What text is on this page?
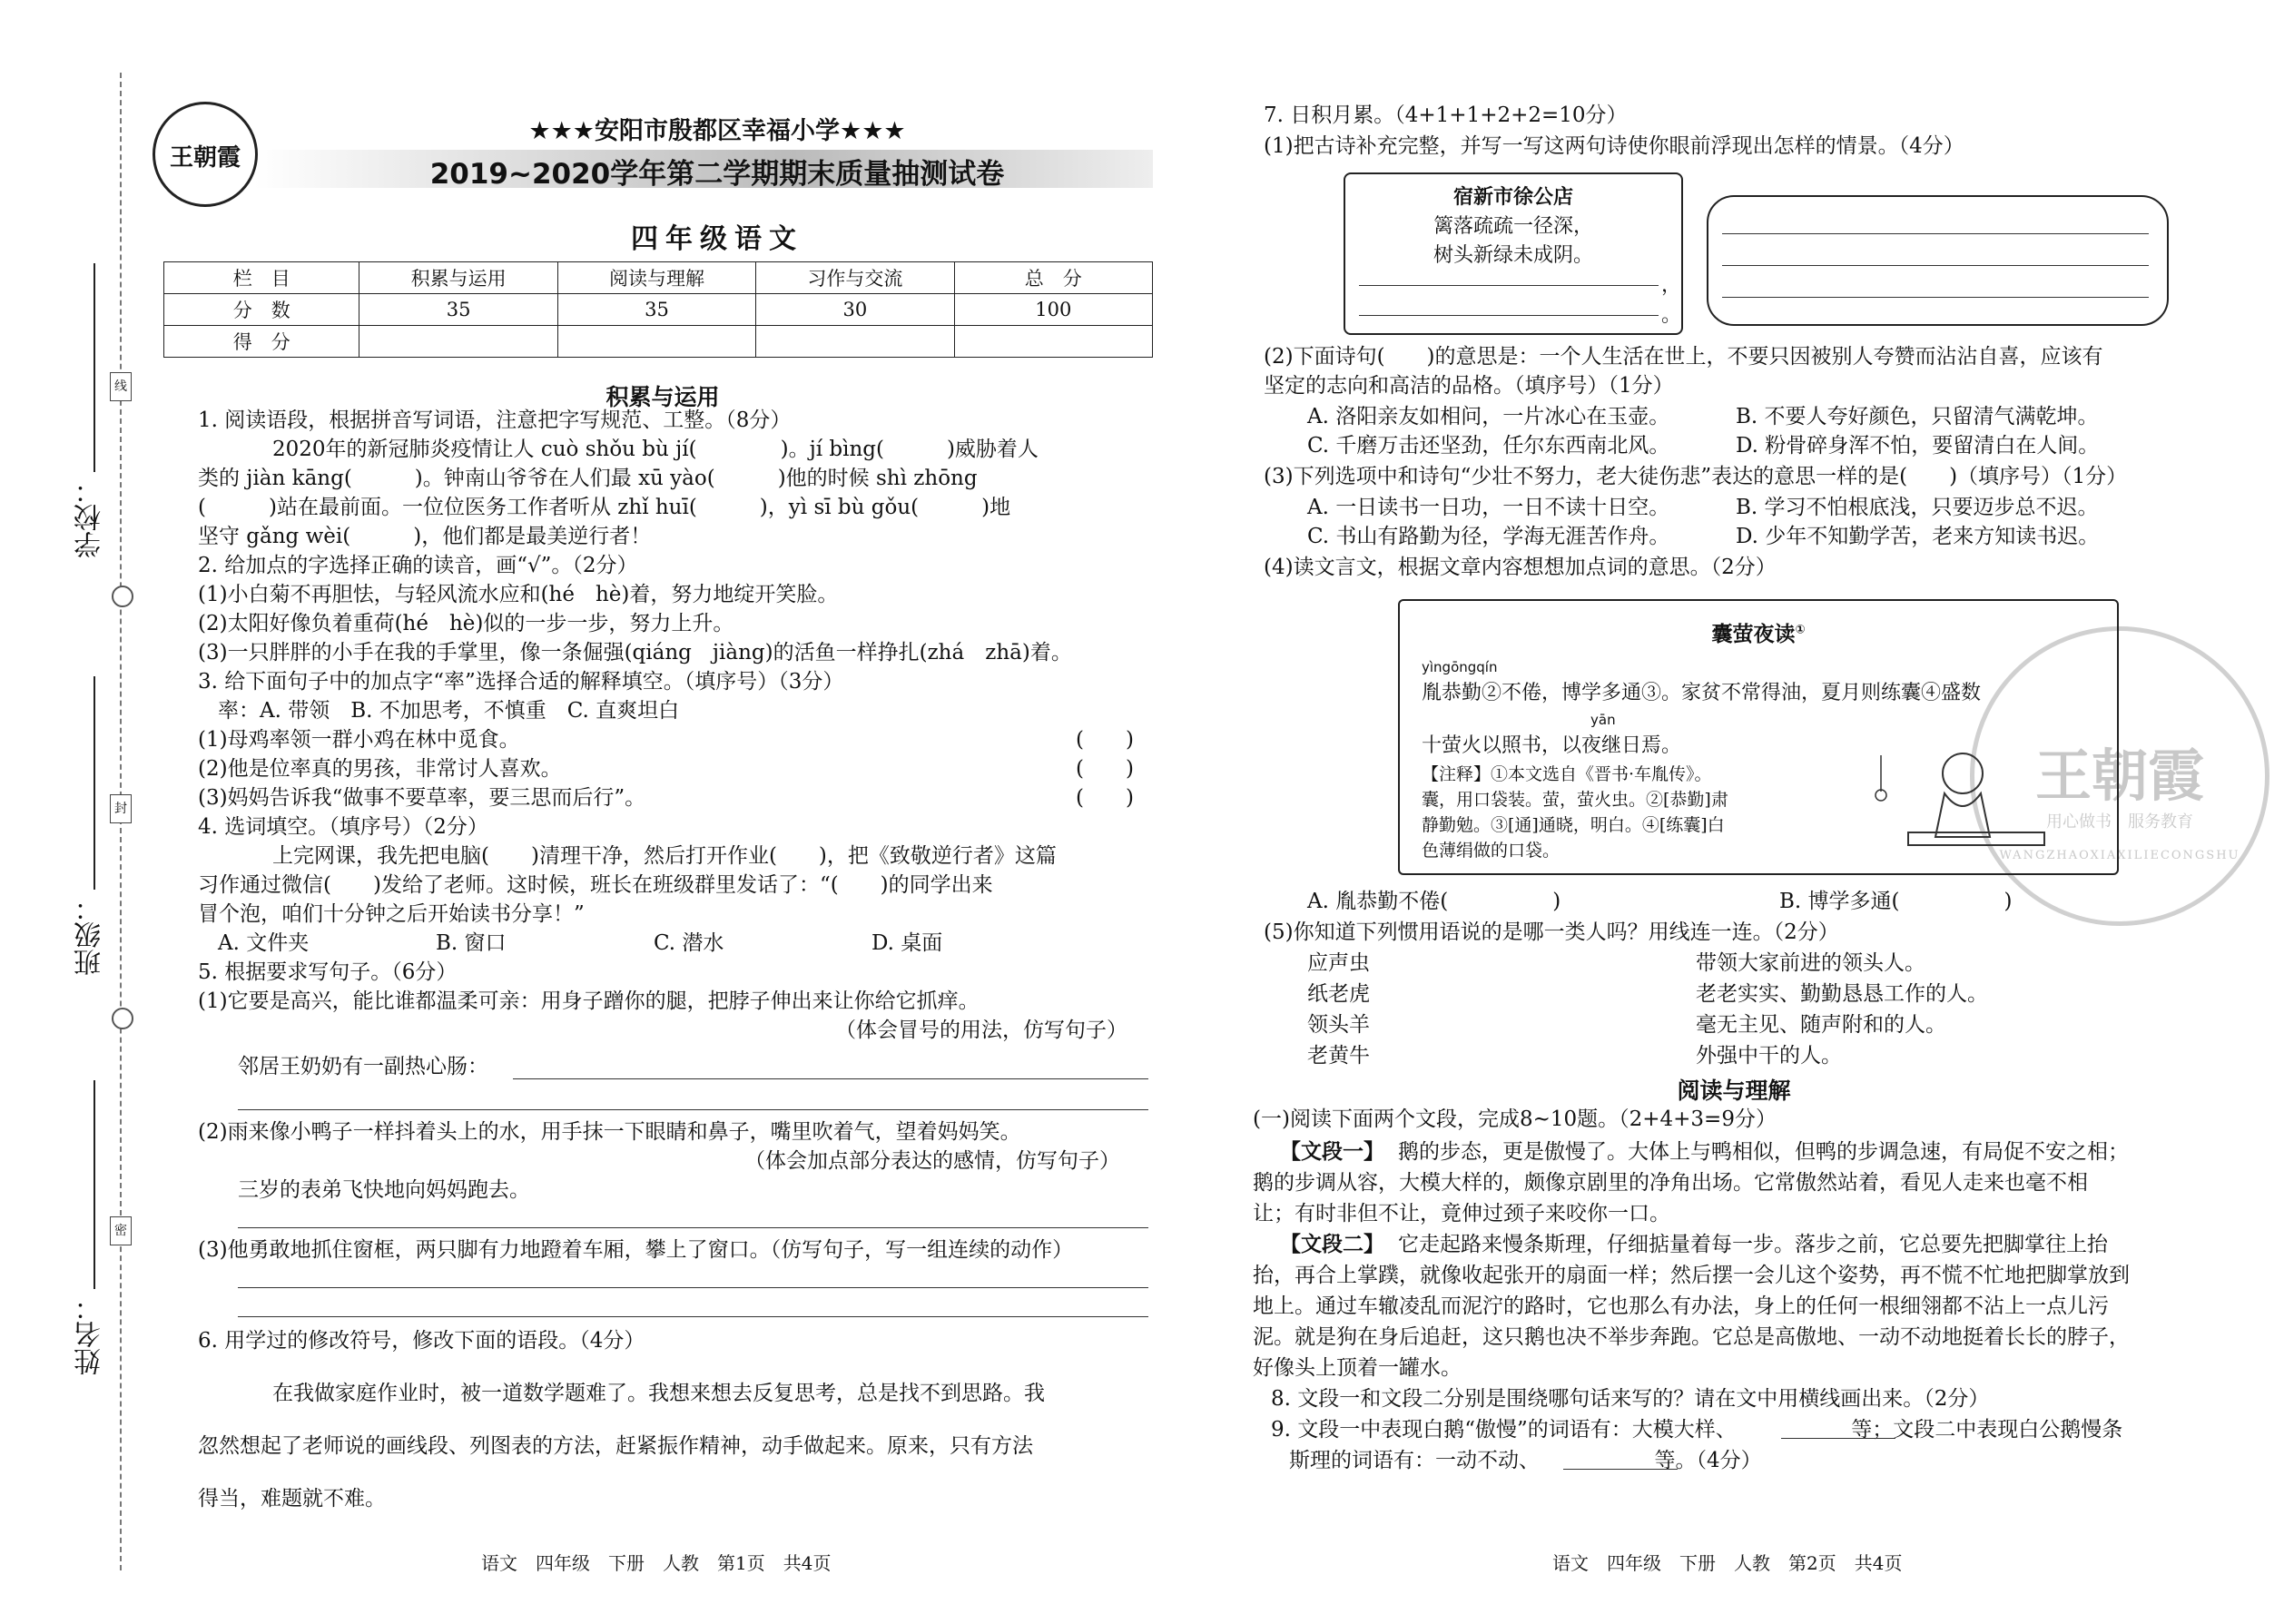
线
封
密
学校：
班级：
姓名：
王朝霞
★★★安阳市殷都区幸福小学★★★
2019~2020学年第二学期期末质量抽测试卷
四年级语文
栏　目	积累与运用	阅读与理解	习作与交流	总　分
分　数	35	35	30	100
得　分				
积累与运用
1. 阅读语段，根据拼音写词语，注意把字写规范、工整。（8分）
2020年的新冠肺炎疫情让人 cuò shǒu bù jí(　　　　)。jí bìng(　　　)威胁着人
类的 jiàn kāng(　　　)。钟南山爷爷在人们最 xū yào(　　　)他的时候 shì zhōng
(　　　)站在最前面。一位位医务工作者听从 zhǐ huī(　　　)，yì sī bù gǒu(　　　)地
坚守 gǎng wèi(　　　)，他们都是最美逆行者！
2. 给加点的字选择正确的读音，画“√”。（2分）
(1)小白菊不再胆怯，与轻风流水应和(hé　hè)着，努力地绽开笑脸。
(2)太阳好像负着重荷(hé　hè)似的一步一步，努力上升。
(3)一只胖胖的小手在我的手掌里，像一条倔强(qiáng　jiàng)的活鱼一样挣扎(zhá　zhā)着。
3. 给下面句子中的加点字“率”选择合适的解释填空。（填序号）（3分）
率：A. 带领　B. 不加思考，不慎重　C. 直爽坦白
(1)母鸡率领一群小鸡在林中觅食。	(　　)
(2)他是位率真的男孩，非常讨人喜欢。	(　　)
(3)妈妈告诉我“做事不要草率，要三思而后行”。	(　　)
4. 选词填空。（填序号）（2分）
上完网课，我先把电脑(　　)清理干净，然后打开作业(　　)，把《致敬逆行者》这篇
习作通过微信(　　)发给了老师。这时候，班长在班级群里发话了：“(　　)的同学出来
冒个泡，咱们十分钟之后开始读书分享！”
A. 文件夹	B. 窗口	C. 潜水	D. 桌面
5. 根据要求写句子。（6分）
(1)它要是高兴，能比谁都温柔可亲：用身子蹭你的腿，把脖子伸出来让你给它抓痒。
（体会冒号的用法，仿写句子）
邻居王奶奶有一副热心肠：
(2)雨来像小鸭子一样抖着头上的水，用手抹一下眼睛和鼻子，嘴里吹着气，望着妈妈笑。
（体会加点部分表达的感情，仿写句子）
三岁的表弟飞快地向妈妈跑去。
(3)他勇敢地抓住窗框，两只脚有力地蹬着车厢，攀上了窗口。（仿写句子，写一组连续的动作）
6. 用学过的修改符号，修改下面的语段。（4分）
在我做家庭作业时，被一道数学题难了。我想来想去反复思考，总是找不到思路。我
忽然想起了老师说的画线段、列图表的方法，赶紧振作精神，动手做起来。原来，只有方法
得当，难题就不难。
语文　四年级　下册　人教　第1页　共4页
王朝霞
用心做书　服务教育
WANGZHAOXIAXILIECONGSHU
7. 日积月累。（4+1+1+2+2=10分）
(1)把古诗补充完整，并写一写这两句诗使你眼前浮现出怎样的情景。（4分）
宿新市徐公店
篱落疏疏一径深，
树头新绿未成阴。
，
。
(2)下面诗句(　　)的意思是：一个人生活在世上，不要只因被别人夸赞而沾沾自喜，应该有
坚定的志向和高洁的品格。（填序号）（1分）
A. 洛阳亲友如相问，一片冰心在玉壶。	B. 不要人夸好颜色，只留清气满乾坤。
C. 千磨万击还坚劲，任尔东西南北风。	D. 粉骨碎身浑不怕，要留清白在人间。
(3)下列选项中和诗句“少壮不努力，老大徒伤悲”表达的意思一样的是(　　)（填序号）（1分）
A. 一日读书一日功，一日不读十日空。	B. 学习不怕根底浅，只要迈步总不迟。
C. 书山有路勤为径，学海无涯苦作舟。	D. 少年不知勤学苦，老来方知读书迟。
(4)读文言文，根据文章内容想想加点词的意思。（2分）
囊萤夜读①
yìngōngqín
胤恭勤②不倦，博学多通③。家贫不常得油，夏月则练囊④盛数
yān
十萤火以照书，以夜继日焉。
【注释】①本文选自《晋书·车胤传》。
囊，用口袋装。萤，萤火虫。②[恭勤]肃
静勤勉。③[通]通晓，明白。④[练囊]白
色薄绢做的口袋。
A. 胤恭勤不倦(　　　　　)	B. 博学多通(　　　　　)
(5)你知道下列惯用语说的是哪一类人吗？用线连一连。（2分）
应声虫	带领大家前进的领头人。
纸老虎	老老实实、勤勤恳恳工作的人。
领头羊	毫无主见、随声附和的人。
老黄牛	外强中干的人。
阅读与理解
(一)阅读下面两个文段，完成8~10题。（2+4+3=9分）
【文段一】 鹅的步态，更是傲慢了。大体上与鸭相似，但鸭的步调急速，有局促不安之相；
鹅的步调从容，大模大样的，颇像京剧里的净角出场。它常傲然站着，看见人走来也毫不相
让；有时非但不让，竟伸过颈子来咬你一口。
【文段二】 它走起路来慢条斯理，仔细掂量着每一步。落步之前，它总要先把脚掌往上抬
抬，再合上掌蹼，就像收起张开的扇面一样；然后摆一会儿这个姿势，再不慌不忙地把脚掌放到
地上。通过车辙凌乱而泥泞的路时，它也那么有办法，身上的任何一根细翎都不沾上一点儿污
泥。就是狗在身后追赶，这只鹅也决不举步奔跑。它总是高傲地、一动不动地挺着长长的脖子，
好像头上顶着一罐水。
8. 文段一和文段二分别是围绕哪句话来写的？请在文中用横线画出来。（2分）
9. 文段一中表现白鹅“傲慢”的词语有：大模大样、　　　　　　等；文段二中表现白公鹅慢条
斯理的词语有：一动不动、　　　　　　等。（4分）
语文　四年级　下册　人教　第2页　共4页
